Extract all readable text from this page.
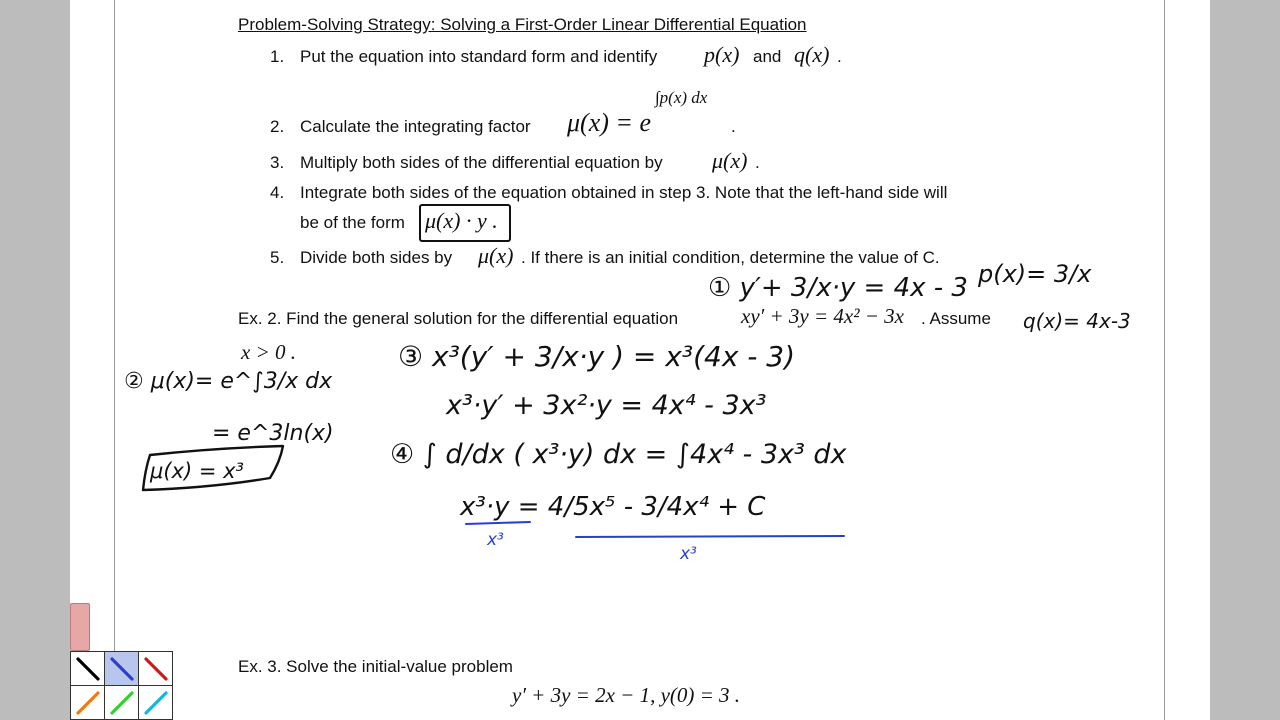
Problem-Solving Strategy: Solving a First-Order Linear Differential Equation
1. Put the equation into standard form and identify p(x) and q(x) .
2. Calculate the integrating factor μ(x) = e
∫p(x) dx
.
3. Multiply both sides of the differential equation by μ(x) .
4. Integrate both sides of the equation obtained in step 3. Note that the left-hand side will
be of the form μ(x) · y .
5. Divide both sides by μ(x) . If there is an initial condition, determine the value of C.
Ex. 2. Find the general solution for the differential equation	xy′ + 3y = 4x² − 3x . Assume
x > 0 .
Ex. 3. Solve the initial-value problem
y′ + 3y = 2x − 1, y(0) = 3 .
① y′+ 3/x·y = 4x - 3 p(x)= 3/x
q(x)= 4x-3
② μ(x)= e^∫3/x dx
= e^3ln(x)
μ(x) = x³
③ x³(y′ + 3/x·y ) = x³(4x - 3)
x³·y′ + 3x²·y = 4x⁴ - 3x³
④ ∫ d/dx ( x³·y) dx = ∫4x⁴ - 3x³ dx
x³·y = 4/5x⁵ - 3/4x⁴ + C
x³
x³
